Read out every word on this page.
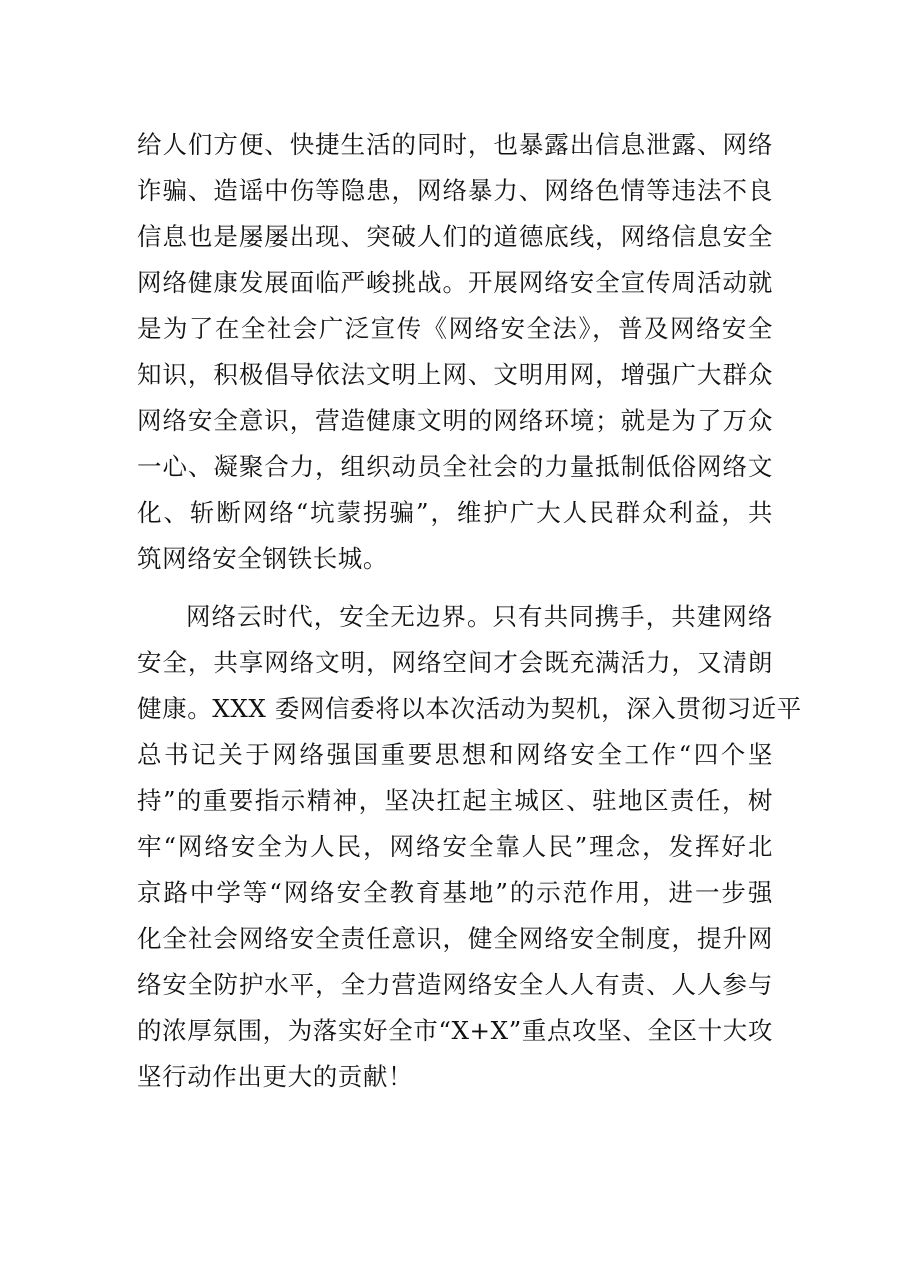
给人们方便、快捷生活的同时，也暴露出信息泄露、网络
诈骗、造谣中伤等隐患，网络暴力、网络色情等违法不良
信息也是屡屡出现、突破人们的道德底线，网络信息安全
网络健康发展面临严峻挑战。开展网络安全宣传周活动就
是为了在全社会广泛宣传《网络安全法》，普及网络安全
知识，积极倡导依法文明上网、文明用网，增强广大群众
网络安全意识，营造健康文明的网络环境；就是为了万众
一心、凝聚合力，组织动员全社会的力量抵制低俗网络文
化、斩断网络“坑蒙拐骗”，维护广大人民群众利益，共
筑网络安全钢铁长城。
网络云时代，安全无边界。只有共同携手，共建网络
安全，共享网络文明，网络空间才会既充满活力，又清朗
健康。XXX 委网信委将以本次活动为契机，深入贯彻习近平
总书记关于网络强国重要思想和网络安全工作“四个坚
持”的重要指示精神，坚决扛起主城区、驻地区责任，树
牢“网络安全为人民，网络安全靠人民”理念，发挥好北
京路中学等“网络安全教育基地”的示范作用，进一步强
化全社会网络安全责任意识，健全网络安全制度，提升网
络安全防护水平，全力营造网络安全人人有责、人人参与
的浓厚氛围，为落实好全市“X+X”重点攻坚、全区十大攻
坚行动作出更大的贡献！
